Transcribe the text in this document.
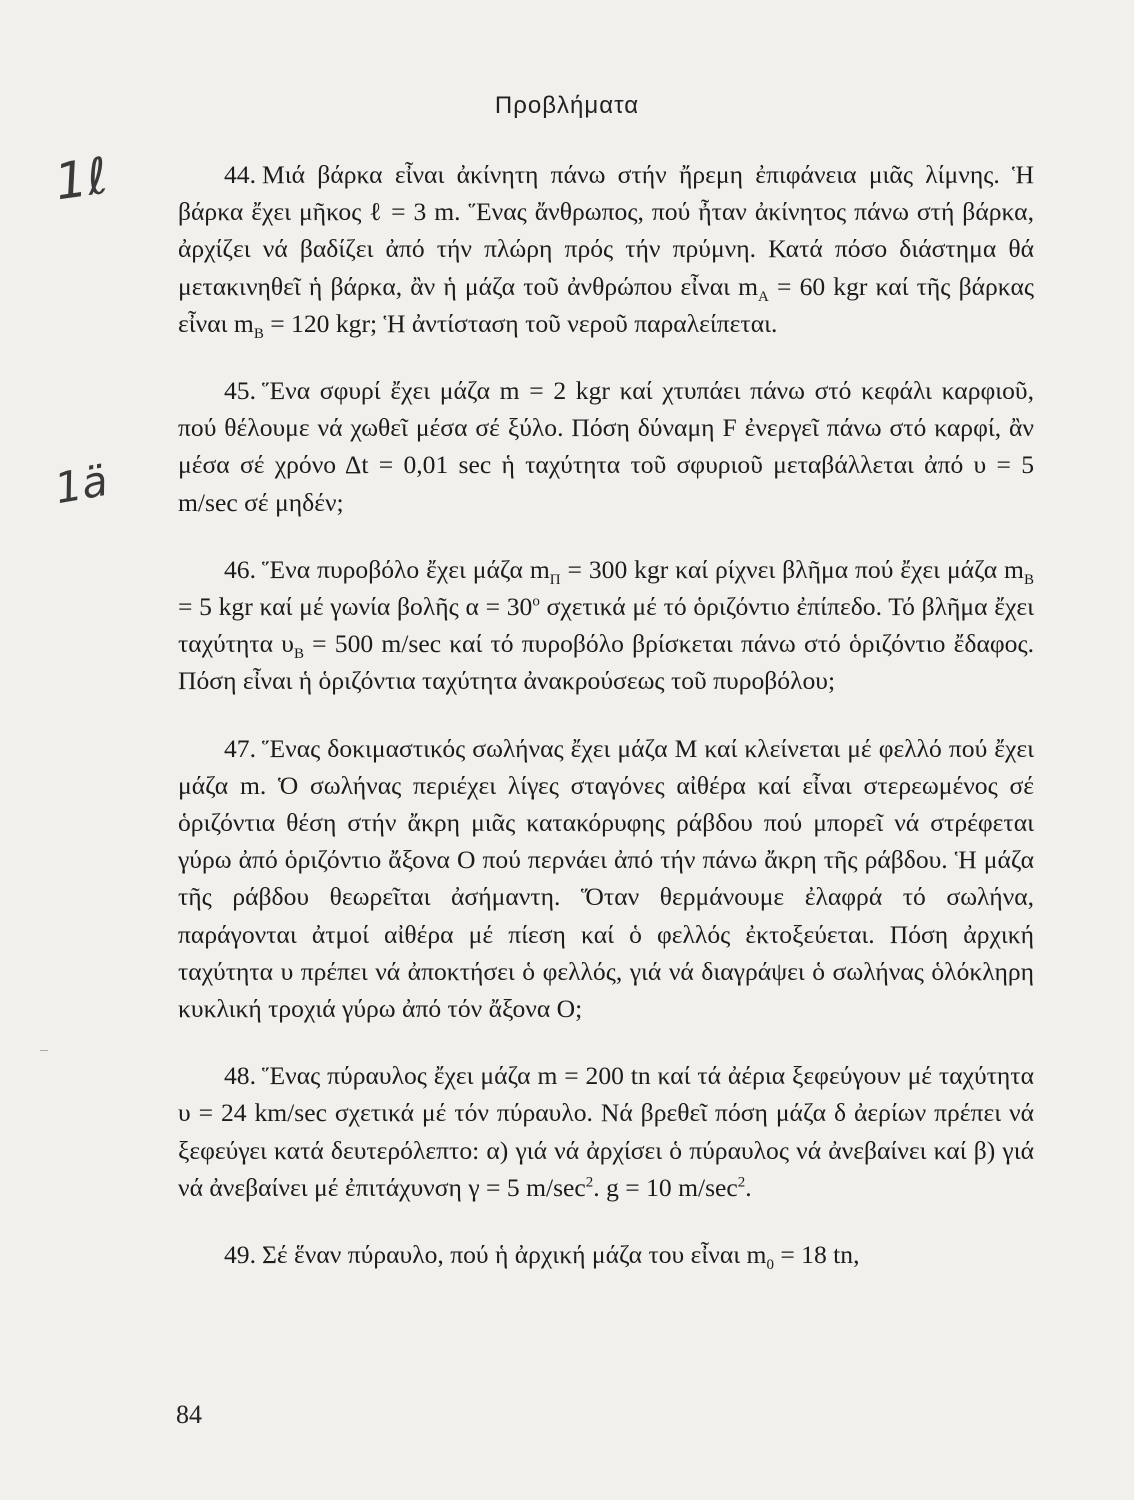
Προβλήματα
1ℓ
1ä

44. Μιά βάρκα εἶναι ἀκίνητη πάνω στήν ἤρεμη ἐπιφάνεια μιᾶς λίμνης. Ἡ βάρκα ἔχει μῆκος ℓ = 3 m. Ἕνας ἄνθρωπος, πού ἦταν ἀκίνητος πάνω στή βάρκα, ἀρχίζει νά βαδίζει ἀπό τήν πλώρη πρός τήν πρύμνη. Κατά πόσο διάστημα θά μετακινηθεῖ ἡ βάρκα, ἂν ἡ μάζα τοῦ ἀνθρώπου εἶναι $m_A = 60$ kgr καί τῆς βάρκας εἶναι $m_B = 120$ kgr; Ἡ ἀντίσταση τοῦ νεροῦ παραλείπεται.

45. Ἕνα σφυρί ἔχει μάζα m = 2 kgr καί χτυπάει πάνω στό κεφάλι καρφιοῦ, πού θέλουμε νά χωθεῖ μέσα σέ ξύλο. Πόση δύναμη F ἐνεργεῖ πάνω στό καρφί, ἂν μέσα σέ χρόνο Δt = 0,01 sec ἡ ταχύτητα τοῦ σφυριοῦ μεταβάλλεται ἀπό υ = 5 m/sec σέ μηδέν;

46. Ἕνα πυροβόλο ἔχει μάζα $m_\Pi = 300$ kgr καί ρίχνει βλῆμα πού ἔχει μάζα $m_B = 5$ kgr καί μέ γωνία βολῆς $\alpha = 30^o$ σχετικά μέ τό ὁριζόντιο ἐπίπεδο. Τό βλῆμα ἔχει ταχύτητα $\upsilon_B = 500$ m/sec καί τό πυροβόλο βρίσκεται πάνω στό ὁριζόντιο ἔδαφος. Πόση εἶναι ἡ ὁριζόντια ταχύτητα ἀνακρούσεως τοῦ πυροβόλου;

47. Ἕνας δοκιμαστικός σωλήνας ἔχει μάζα M καί κλείνεται μέ φελλό πού ἔχει μάζα m. Ὁ σωλήνας περιέχει λίγες σταγόνες αἰθέρα καί εἶναι στερεωμένος σέ ὁριζόντια θέση στήν ἄκρη μιᾶς κατακόρυφης ράβδου πού μπορεῖ νά στρέφεται γύρω ἀπό ὁριζόντιο ἄξονα O πού περνάει ἀπό τήν πάνω ἄκρη τῆς ράβδου. Ἡ μάζα τῆς ράβδου θεωρεῖται ἀσήμαντη. Ὅταν θερμάνουμε ἐλαφρά τό σωλήνα, παράγονται ἀτμοί αἰθέρα μέ πίεση καί ὁ φελλός ἐκτοξεύεται. Πόση ἀρχική ταχύτητα υ πρέπει νά ἀποκτήσει ὁ φελλός, γιά νά διαγράψει ὁ σωλήνας ὁλόκληρη κυκλική τροχιά γύρω ἀπό τόν ἄξονα O;

48. Ἕνας πύραυλος ἔχει μάζα m = 200 tn καί τά ἀέρια ξεφεύγουν μέ ταχύτητα υ = 24 km/sec σχετικά μέ τόν πύραυλο. Νά βρεθεῖ πόση μάζα δ ἀερίων πρέπει νά ξεφεύγει κατά δευτερόλεπτο: α) γιά νά ἀρχίσει ὁ πύραυλος νά ἀνεβαίνει καί β) γιά νά ἀνεβαίνει μέ ἐπιτάχυνση γ = 5 $m/\sec^2$. g = 10 $m/\sec^2$.

49. Σέ ἕναν πύραυλο, πού ἡ ἀρχική μάζα του εἶναι $m_0 = 18$ tn,

84
